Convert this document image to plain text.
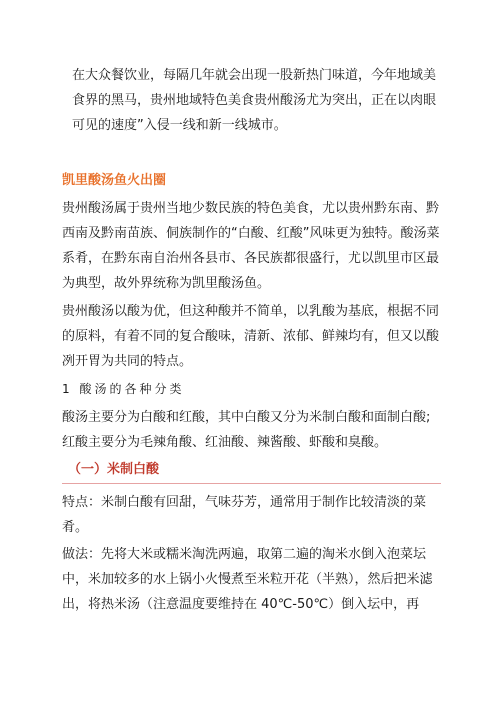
在大众餐饮业，每隔几年就会出现一股新热门味道，今年地域美食界的黑马，贵州地域特色美食贵州酸汤尤为突出，正在以肉眼可见的速度”入侵一线和新一线城市。

凯里酸汤鱼火出圈

贵州酸汤属于贵州当地少数民族的特色美食，尤以贵州黔东南、黔西南及黔南苗族、侗族制作的“白酸、红酸”风味更为独特。酸汤菜系肴，在黔东南自治州各县市、各民族都很盛行，尤以凯里市区最为典型，故外界统称为凯里酸汤鱼。

贵州酸汤以酸为优，但这种酸并不简单，以乳酸为基底，根据不同的原料，有着不同的复合酸味，清新、浓郁、鲜辣均有，但又以酸冽开胃为共同的特点。

1 酸汤的各种分类

酸汤主要分为白酸和红酸，其中白酸又分为米制白酸和面制白酸;红酸主要分为毛辣角酸、红油酸、辣酱酸、虾酸和臭酸。

（一）米制白酸

特点：米制白酸有回甜，气味芬芳，通常用于制作比较清淡的菜肴。

做法：先将大米或糯米淘洗两遍，取第二遍的淘米水倒入泡菜坛中，米加较多的水上锅小火慢煮至米粒开花（半熟），然后把米滤出，将热米汤（注意温度要维持在 40℃-50℃）倒入坛中，再
